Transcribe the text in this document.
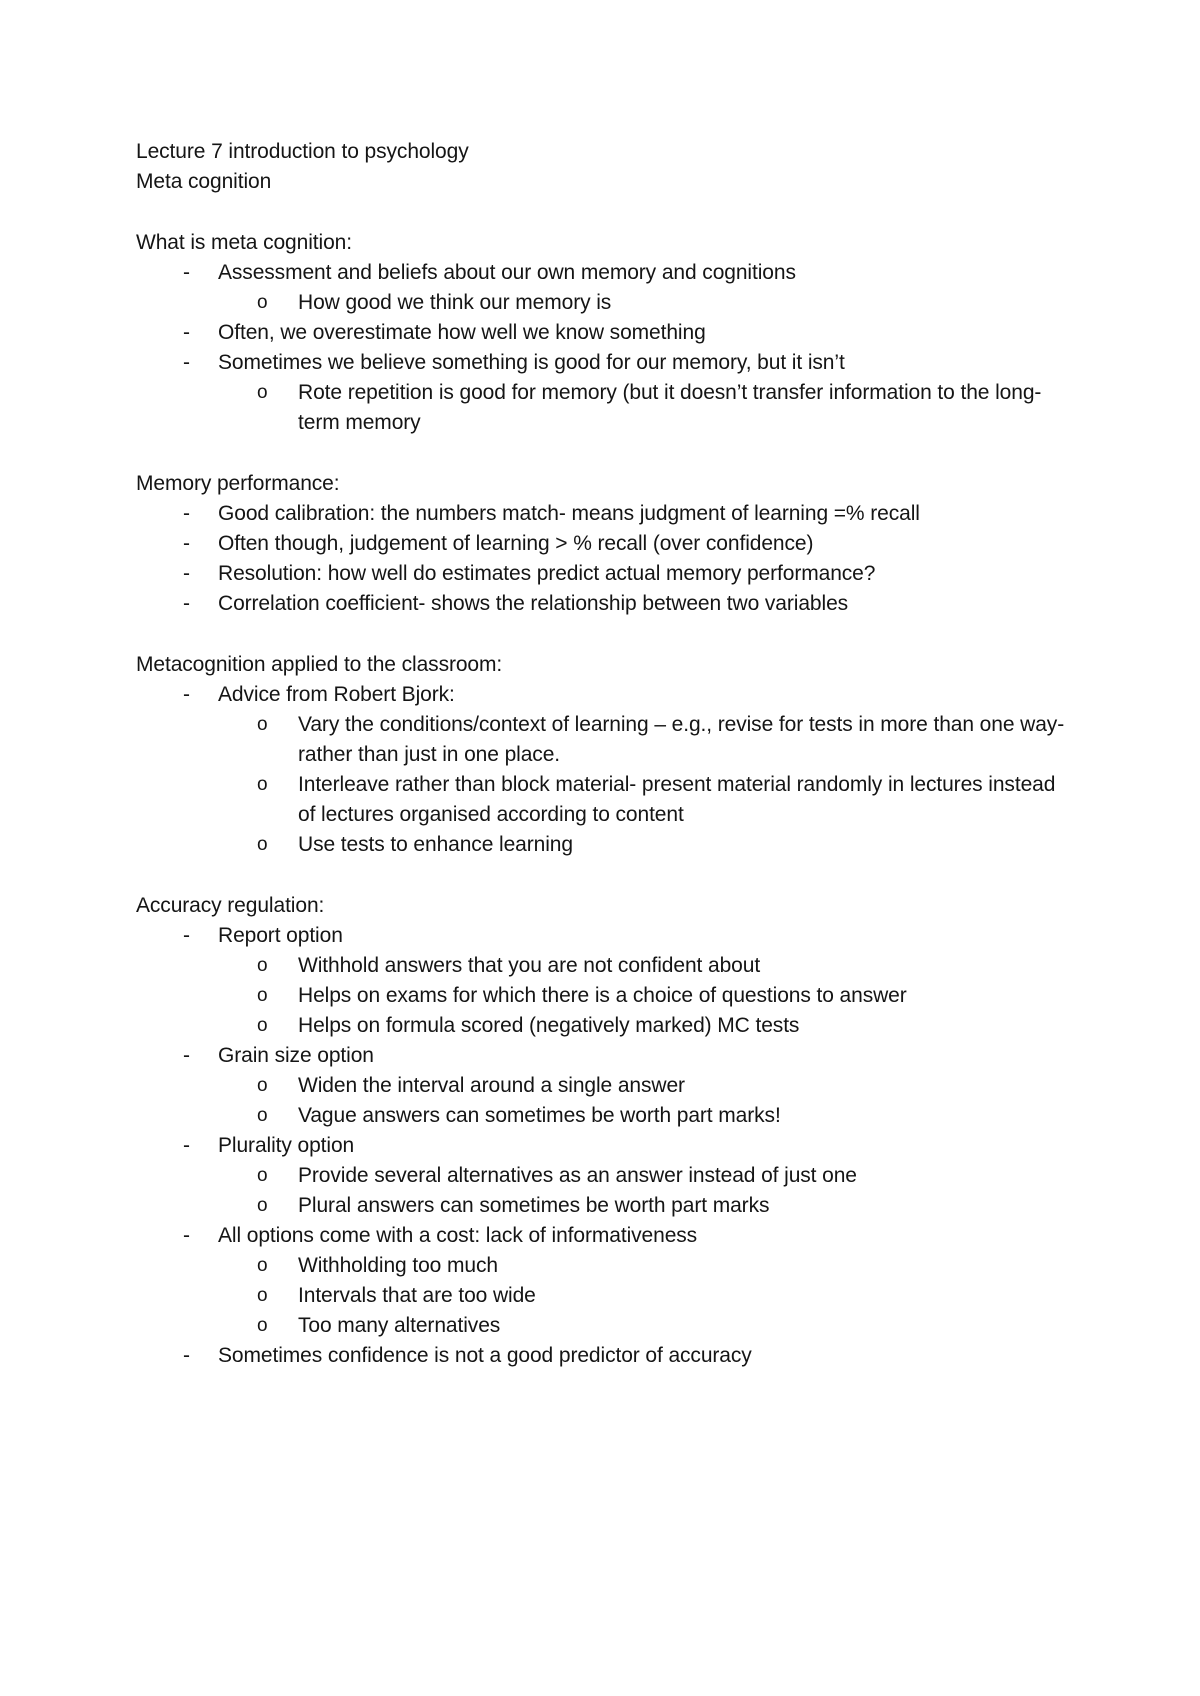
Lecture 7 introduction to psychology

Meta cognition

What is meta cognition:
- Assessment and beliefs about our own memory and cognitions
o How good we think our memory is
- Often, we overestimate how well we know something
- Sometimes we believe something is good for our memory, but it isn’t
o Rote repetition is good for memory (but it doesn’t transfer information to the long-term memory
Memory performance:
- Good calibration: the numbers match- means judgment of learning =% recall
- Often though, judgement of learning > % recall (over confidence)
- Resolution: how well do estimates predict actual memory performance?
- Correlation coefficient- shows the relationship between two variables
Metacognition applied to the classroom:
- Advice from Robert Bjork:
o Vary the conditions/context of learning – e.g., revise for tests in more than one way- rather than just in one place.
o Interleave rather than block material- present material randomly in lectures instead of lectures organised according to content
o Use tests to enhance learning
Accuracy regulation:
- Report option
o Withhold answers that you are not confident about
o Helps on exams for which there is a choice of questions to answer
o Helps on formula scored (negatively marked) MC tests
- Grain size option
o Widen the interval around a single answer
o Vague answers can sometimes be worth part marks!
- Plurality option
o Provide several alternatives as an answer instead of just one
o Plural answers can sometimes be worth part marks
- All options come with a cost: lack of informativeness
o Withholding too much
o Intervals that are too wide
o Too many alternatives
- Sometimes confidence is not a good predictor of accuracy
